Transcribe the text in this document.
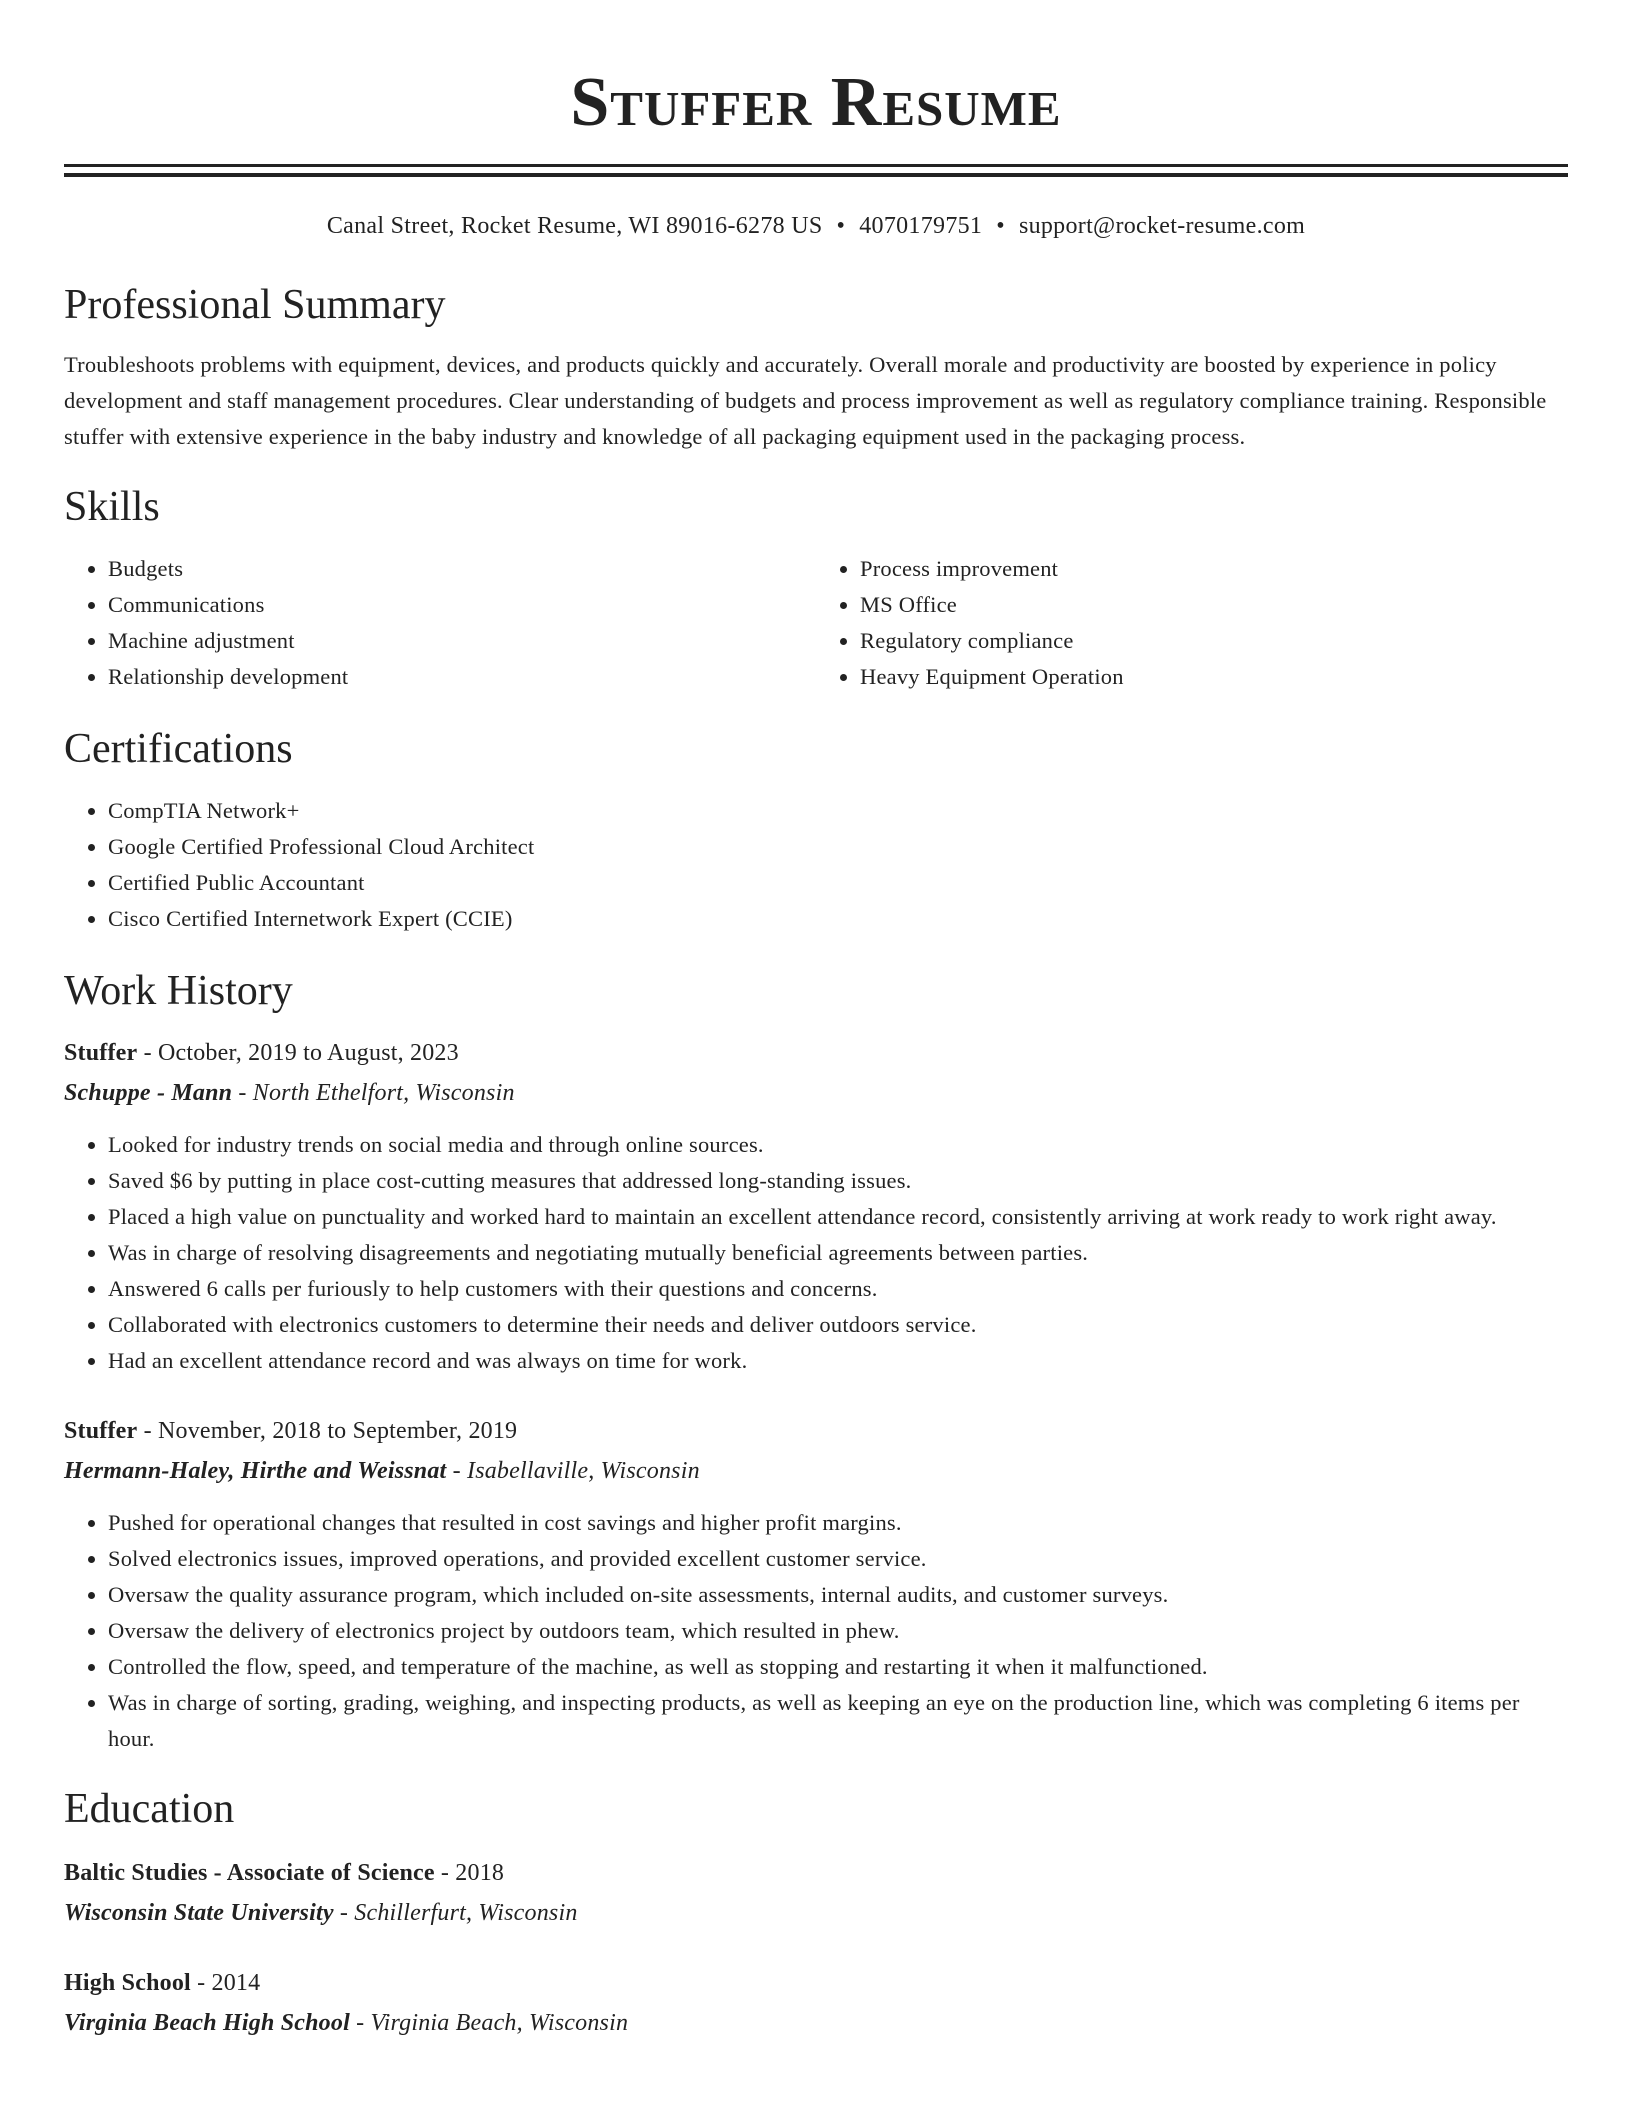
Stuffer Resume
Canal Street, Rocket Resume, WI 89016-6278 US • 4070179751 • support@rocket-resume.com
Professional Summary

Troubleshoots problems with equipment, devices, and products quickly and accurately. Overall morale and productivity are boosted by experience in policy development and staff management procedures. Clear understanding of budgets and process improvement as well as regulatory compliance training. Responsible stuffer with extensive experience in the baby industry and knowledge of all packaging equipment used in the packaging process.

Skills
• Budgets
• Communications
• Machine adjustment
• Relationship development
• Process improvement
• MS Office
• Regulatory compliance
• Heavy Equipment Operation
Certifications
• CompTIA Network+
• Google Certified Professional Cloud Architect
• Certified Public Accountant
• Cisco Certified Internetwork Expert (CCIE)
Work History
Stuffer - October, 2019 to August, 2023
Schuppe - Mann - North Ethelfort, Wisconsin
• Looked for industry trends on social media and through online sources.
• Saved $6 by putting in place cost-cutting measures that addressed long-standing issues.
• Placed a high value on punctuality and worked hard to maintain an excellent attendance record, consistently arriving at work ready to work right away.
• Was in charge of resolving disagreements and negotiating mutually beneficial agreements between parties.
• Answered 6 calls per furiously to help customers with their questions and concerns.
• Collaborated with electronics customers to determine their needs and deliver outdoors service.
• Had an excellent attendance record and was always on time for work.
Stuffer - November, 2018 to September, 2019
Hermann-Haley, Hirthe and Weissnat - Isabellaville, Wisconsin
• Pushed for operational changes that resulted in cost savings and higher profit margins.
• Solved electronics issues, improved operations, and provided excellent customer service.
• Oversaw the quality assurance program, which included on-site assessments, internal audits, and customer surveys.
• Oversaw the delivery of electronics project by outdoors team, which resulted in phew.
• Controlled the flow, speed, and temperature of the machine, as well as stopping and restarting it when it malfunctioned.
• Was in charge of sorting, grading, weighing, and inspecting products, as well as keeping an eye on the production line, which was completing 6 items per hour.
Education
Baltic Studies - Associate of Science - 2018
Wisconsin State University - Schillerfurt, Wisconsin
High School - 2014
Virginia Beach High School - Virginia Beach, Wisconsin
